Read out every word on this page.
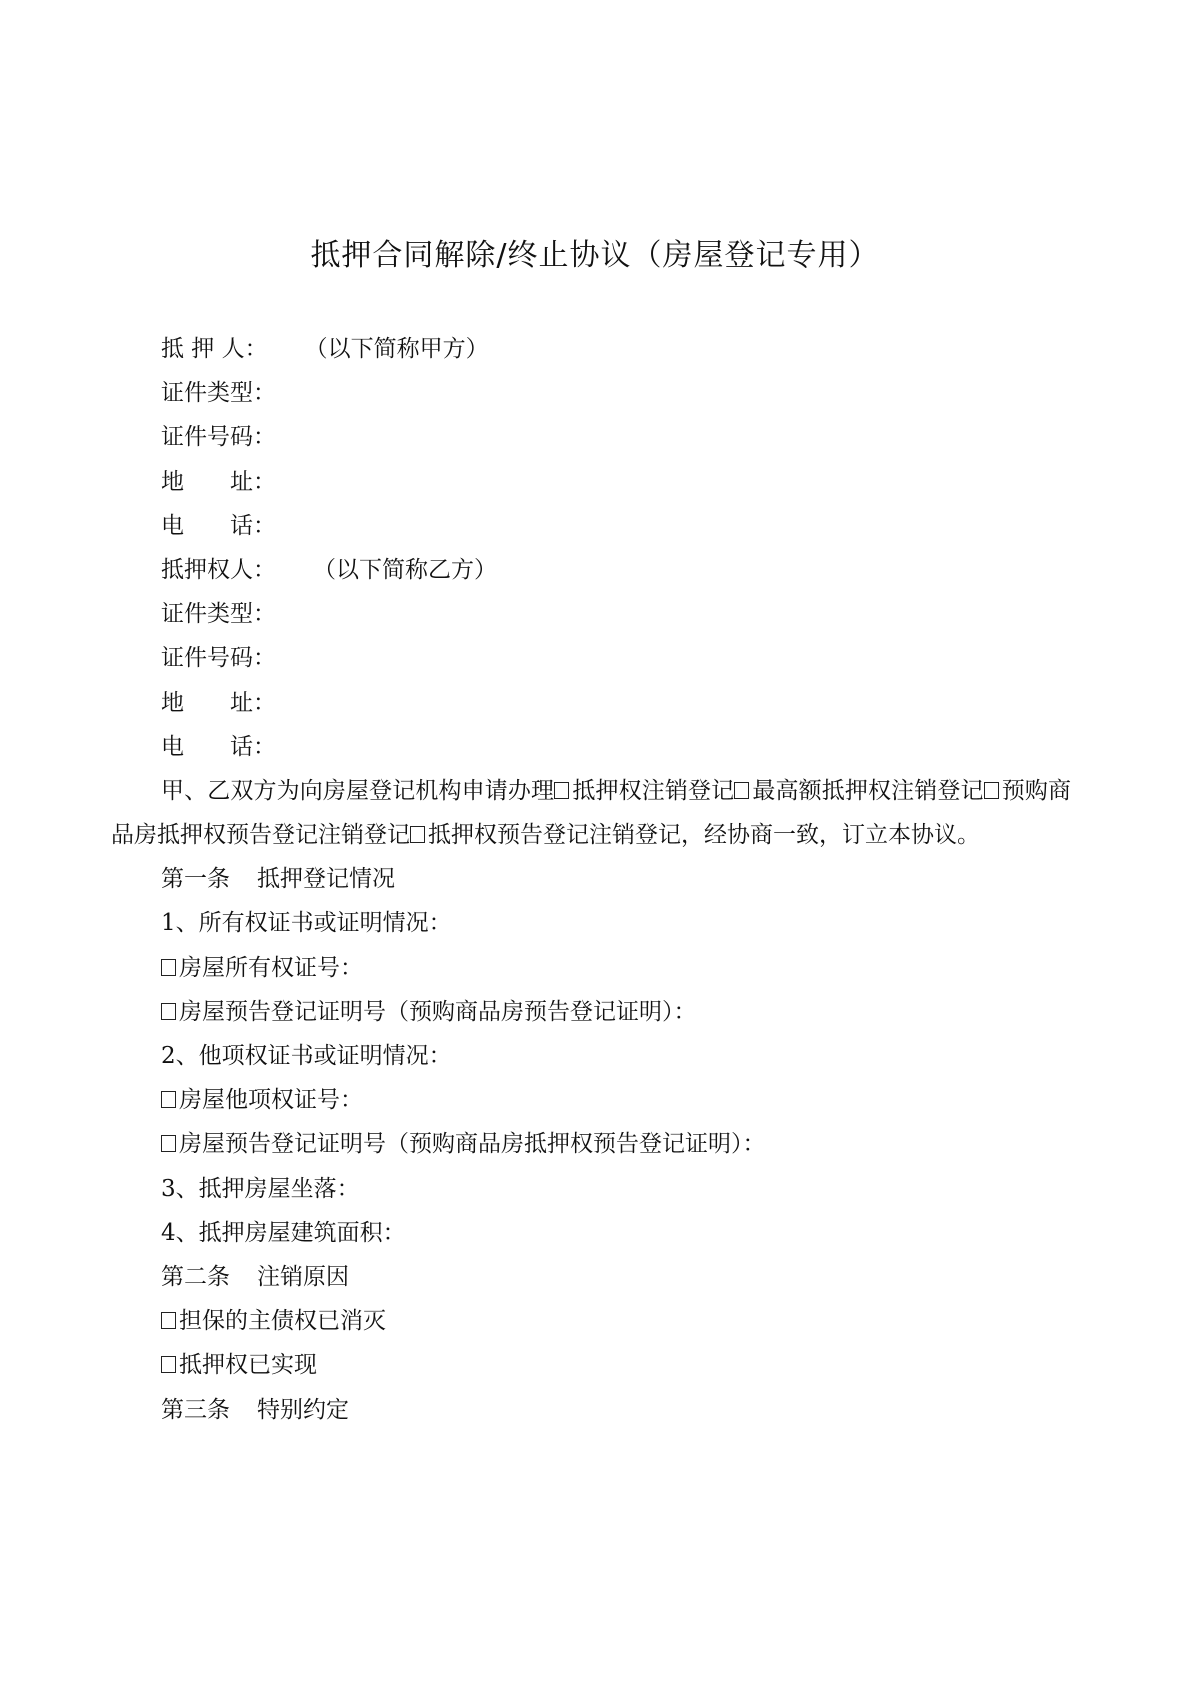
抵押合同解除/终止协议（房屋登记专用）
抵 押 人： （以下简称甲方）
证件类型：
证件号码：
地　　址：
电　　话：
抵押权人： （以下简称乙方）
证件类型：
证件号码：
地　　址：
电　　话：
甲、乙双方为向房屋登记机构申请办理 抵押权注销登记 最高额抵押权注销登记 预购商品房抵押权预告登记注销登记 抵押权预告登记注销登记，经协商一致，订立本协议。
第一条 抵押登记情况
1、所有权证书或证明情况：
房屋所有权证号：
房屋预告登记证明号（预购商品房预告登记证明）：
2、他项权证书或证明情况：
房屋他项权证号：
房屋预告登记证明号（预购商品房抵押权预告登记证明）：
3、抵押房屋坐落：
4、抵押房屋建筑面积：
第二条 注销原因
担保的主债权已消灭
抵押权已实现
第三条 特别约定
